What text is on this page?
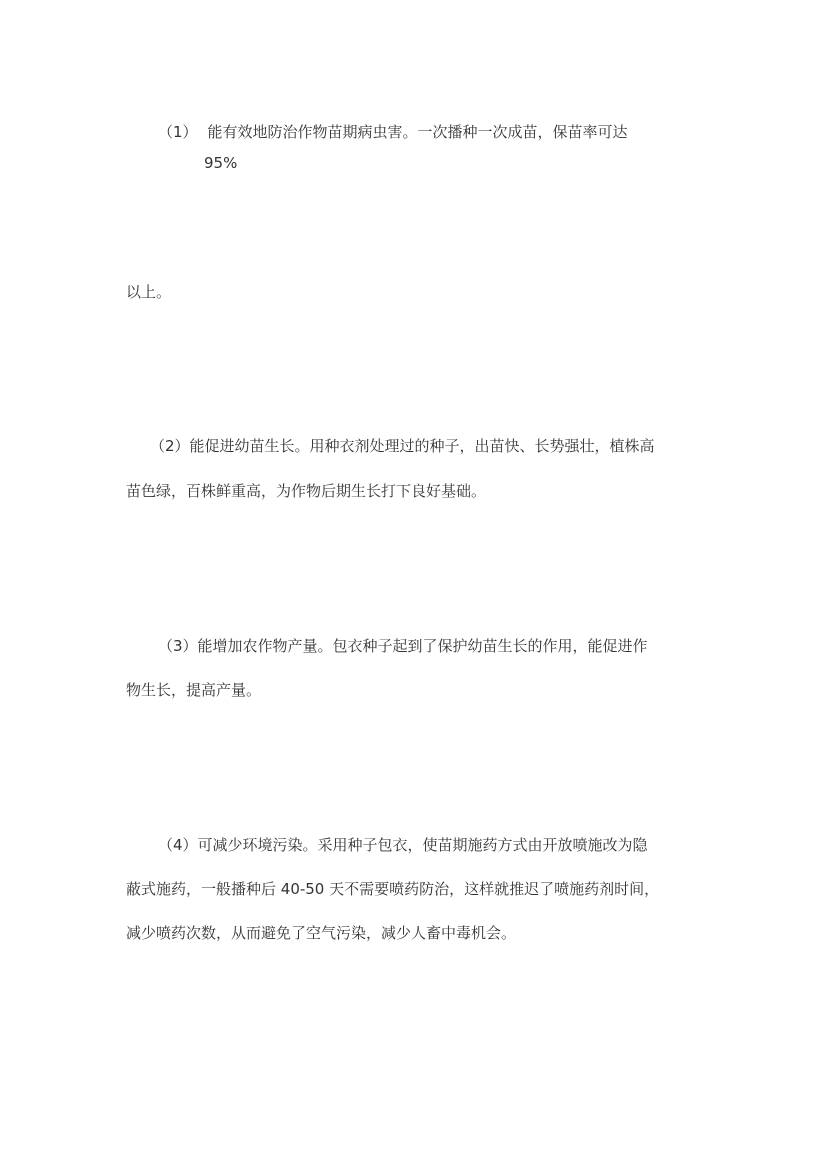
（1） 能有效地防治作物苗期病虫害。一次播种一次成苗，保苗率可达
95%
以上。
（2）能促进幼苗生长。用种衣剂处理过的种子，出苗快、长势强壮，植株高
苗色绿，百株鲜重高，为作物后期生长打下良好基础。
（3）能增加农作物产量。包衣种子起到了保护幼苗生长的作用，能促进作
物生长，提高产量。
（4）可减少环境污染。采用种子包衣，使苗期施药方式由开放喷施改为隐
蔽式施药，一般播种后 40-50 天不需要喷药防治，这样就推迟了喷施药剂时间，
减少喷药次数，从而避免了空气污染，减少人畜中毒机会。
